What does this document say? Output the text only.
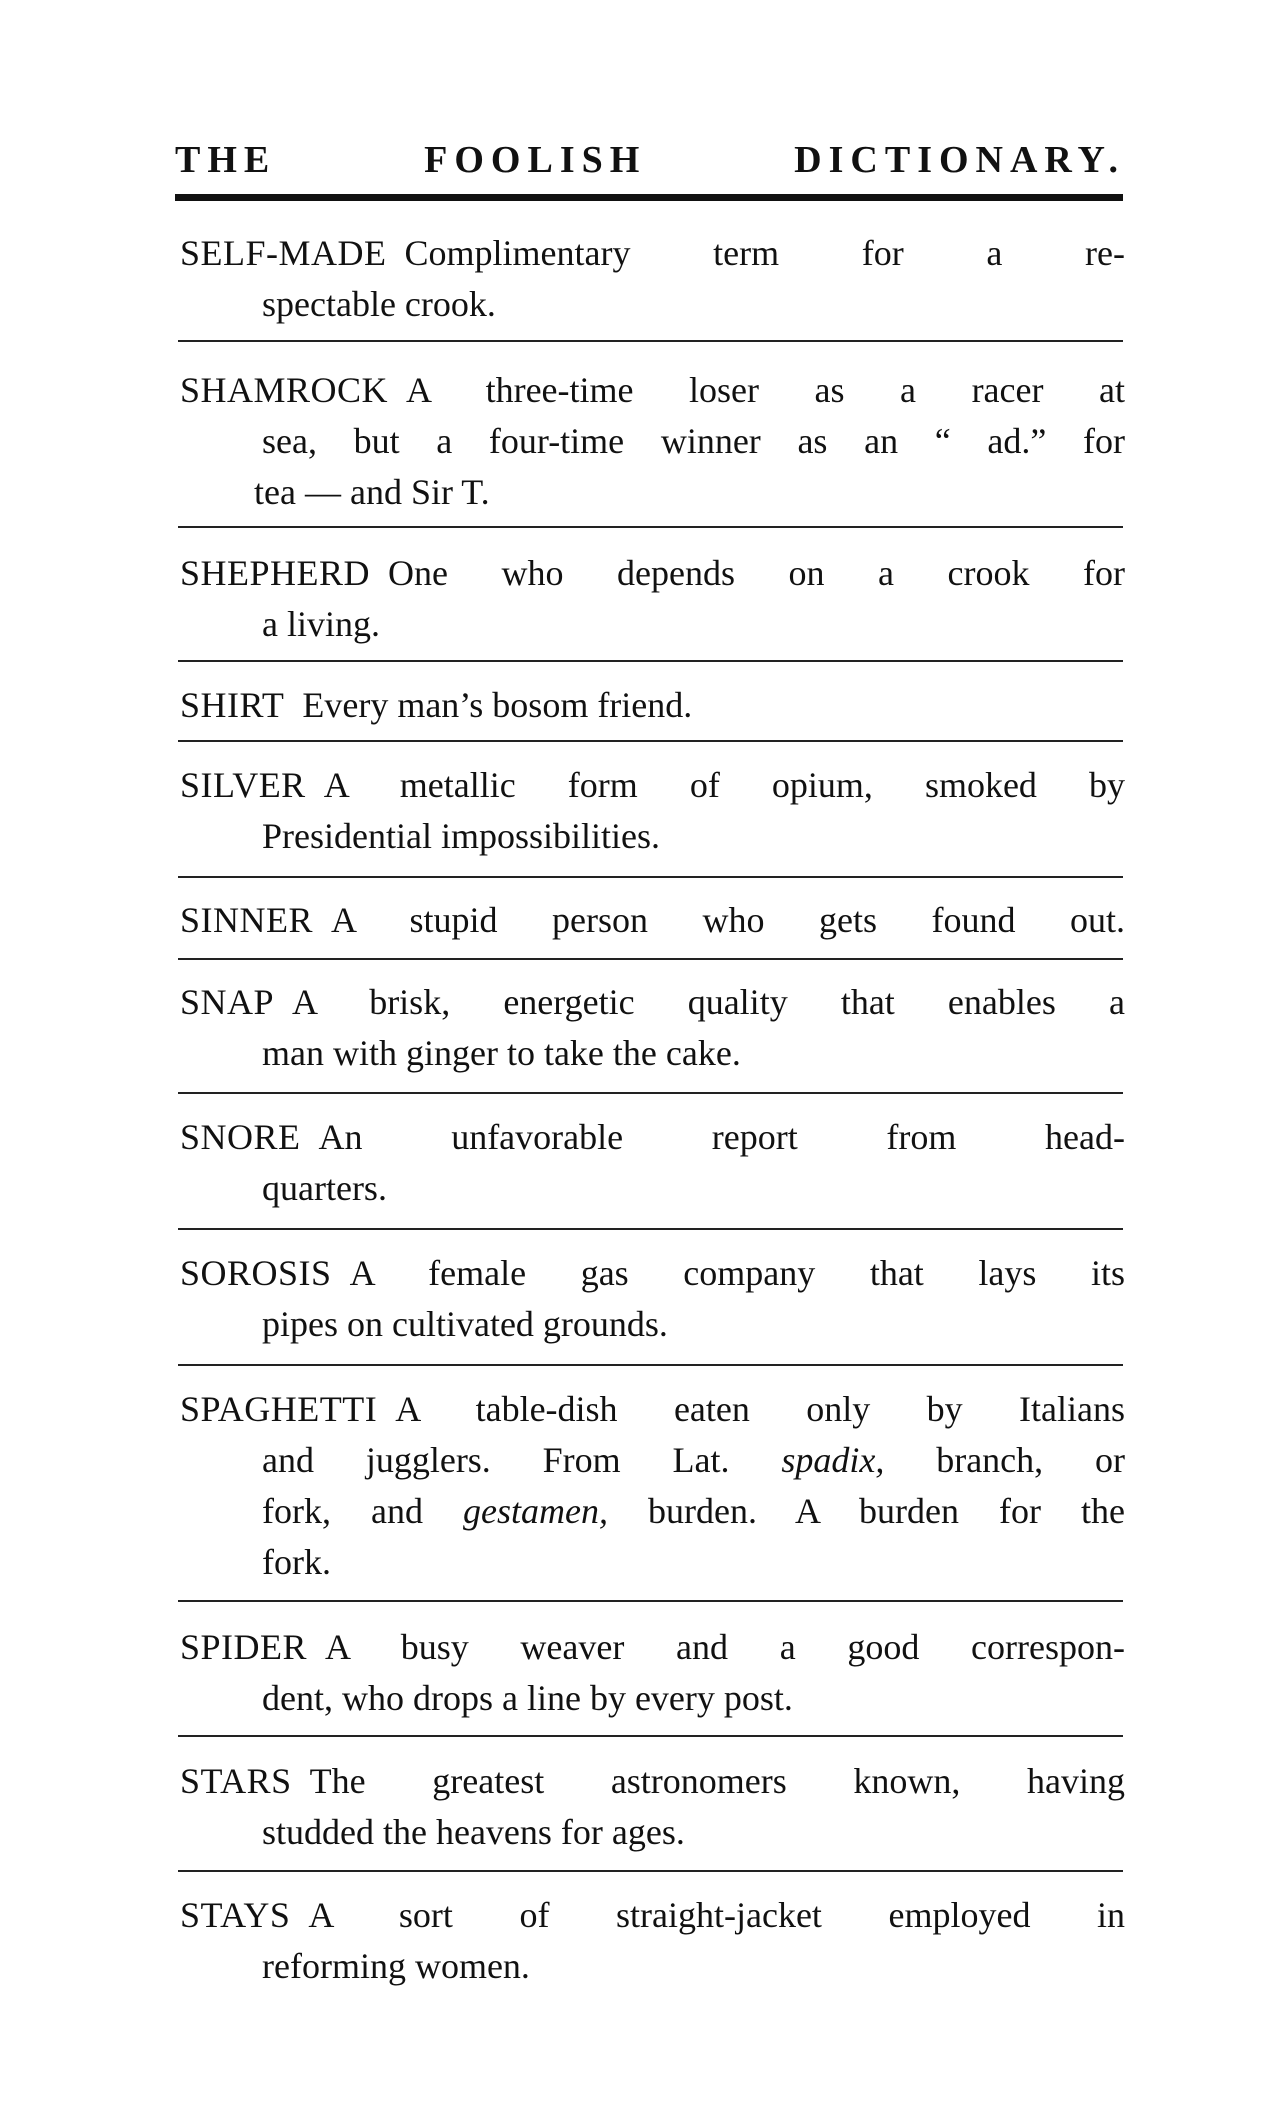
THE FOOLISH DICTIONARY.
SELF-MADE Complimentary term for a re-
spectable crook.
SHAMROCK A three-time loser as a racer at
sea, but a four-time winner as an “ ad.” for
tea — and Sir T.
SHEPHERD One who depends on a crook for
a living.
SHIRT Every man’s bosom friend.
SILVER A metallic form of opium, smoked by
Presidential impossibilities.
SINNER A stupid person who gets found out.
SNAP A brisk, energetic quality that enables a
man with ginger to take the cake.
SNORE An unfavorable report from head-
quarters.
SOROSIS A female gas company that lays its
pipes on cultivated grounds.
SPAGHETTI A table-dish eaten only by Italians
and jugglers. From Lat. spadix, branch, or
fork, and gestamen, burden. A burden for the
fork.
SPIDER A busy weaver and a good correspon-
dent, who drops a line by every post.
STARS The greatest astronomers known, having
studded the heavens for ages.
STAYS A sort of straight-jacket employed in
reforming women.
